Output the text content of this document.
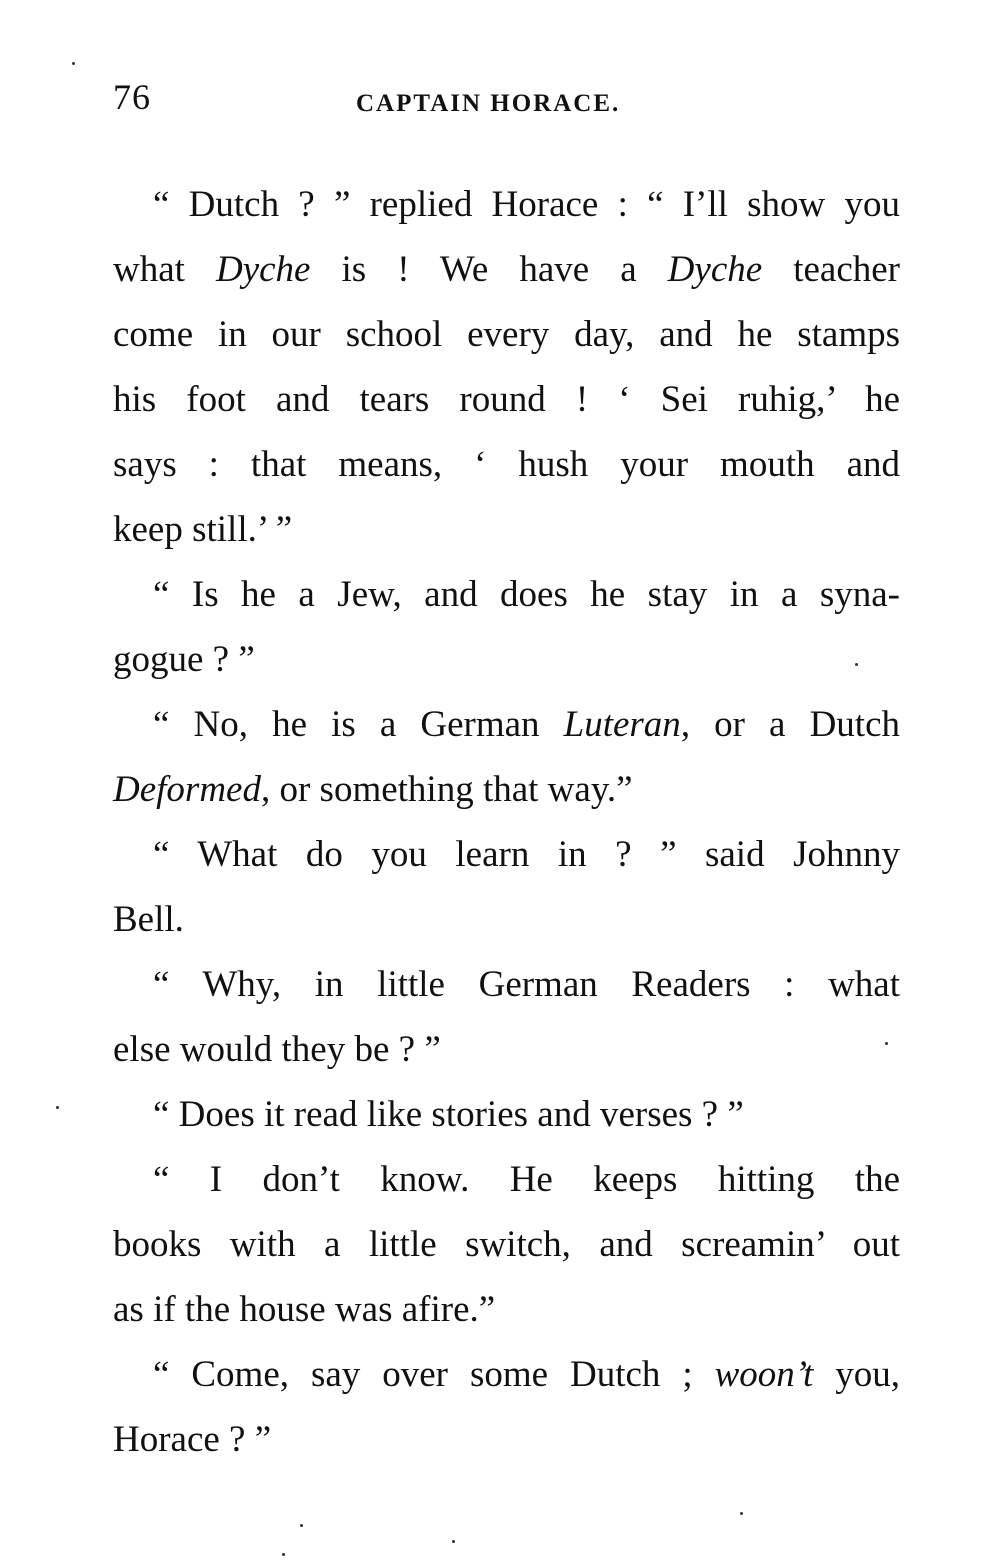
76	CAPTAIN HORACE.
“ Dutch ? ” replied Horace : “ I’ll show you
what Dyche is ! We have a Dyche teacher
come in our school every day, and he stamps
his foot and tears round ! ‘ Sei ruhig,’ he
says : that means, ‘ hush your mouth and
keep still.’ ”
“ Is he a Jew, and does he stay in a syna-
gogue ? ”
“ No, he is a German Luteran, or a Dutch
Deformed, or something that way.”
“ What do you learn in ? ” said Johnny
Bell.
“ Why, in little German Readers : what
else would they be ? ”
“ Does it read like stories and verses ? ”
“ I don’t know. He keeps hitting the
books with a little switch, and screamin’ out
as if the house was afire.”
“ Come, say over some Dutch ; woon’t you,
Horace ? ”
